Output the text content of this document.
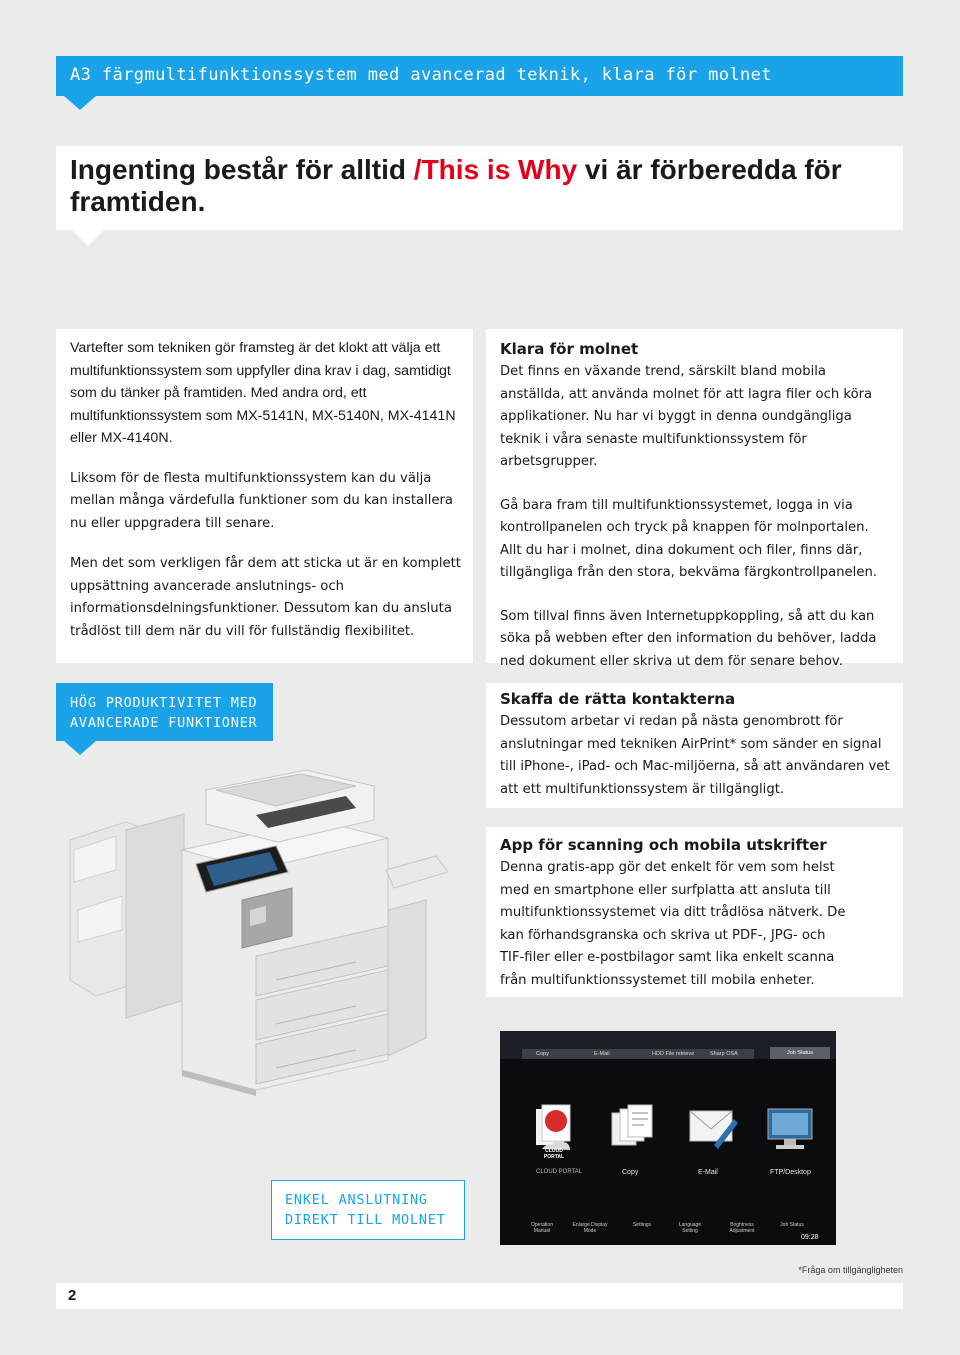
A3 färgmultifunktionssystem med avancerad teknik, klara för molnet
Ingenting består för alltid /This is Why vi är förberedda för framtiden.

Vartefter som tekniken gör framsteg är det klokt att välja ett multifunktionssystem som uppfyller dina krav i dag, samtidigt som du tänker på framtiden. Med andra ord, ett multifunktionssystem som MX-5141N, MX-5140N, MX-4141N eller MX-4140N.

Liksom för de flesta multifunktionssystem kan du välja mellan många värdefulla funktioner som du kan installera nu eller uppgradera till senare.

Men det som verkligen får dem att sticka ut är en komplett uppsättning avancerade anslutnings- och informationsdelningsfunktioner. Dessutom kan du ansluta trådlöst till dem när du vill för fullständig flexibilitet.

Klara för molnet

Det finns en växande trend, särskilt bland mobila anställda, att använda molnet för att lagra filer och köra applikationer. Nu har vi byggt in denna oundgängliga teknik i våra senaste multifunktionssystem för arbetsgrupper.

Gå bara fram till multifunktionssystemet, logga in via kontrollpanelen och tryck på knappen för molnportalen. Allt du har i molnet, dina dokument och filer, finns där, tillgängliga från den stora, bekväma färgkontrollpanelen.

Som tillval finns även Internetuppkoppling, så att du kan söka på webben efter den information du behöver, ladda ned dokument eller skriva ut dem för senare behov.

HÖG PRODUKTIVITET MED
AVANCERADE FUNKTIONER
Skaffa de rätta kontakterna

Dessutom arbetar vi redan på nästa genombrott för anslutningar med tekniken AirPrint* som sänder en signal till iPhone-, iPad- och Mac-miljöerna, så att användaren vet att ett multifunktionssystem är tillgängligt.

App för scanning och mobila utskrifter

Denna gratis-app gör det enkelt för vem som helst med en smartphone eller surfplatta att ansluta till multifunktionssystemet via ditt trådlösa nätverk. De kan förhandsgranska och skriva ut PDF-, JPG- och TIF-filer eller e-postbilagor samt lika enkelt scanna från multifunktionssystemet till mobila enheter.

ENKEL ANSLUTNING
DIREKT TILL MOLNET
Copy	E-Mail	HDD File retrieve	Sharp OSA	Job Status
CLOUD PORTAL
CLOUD PORTAL	Copy	E-Mail	FTP/Desktop
Operation Manual
Enlarge Display Mode
Settings	Language Setting
Brightness Adjustment
Job Status
09:28
*Fråga om tillgängligheten
2
